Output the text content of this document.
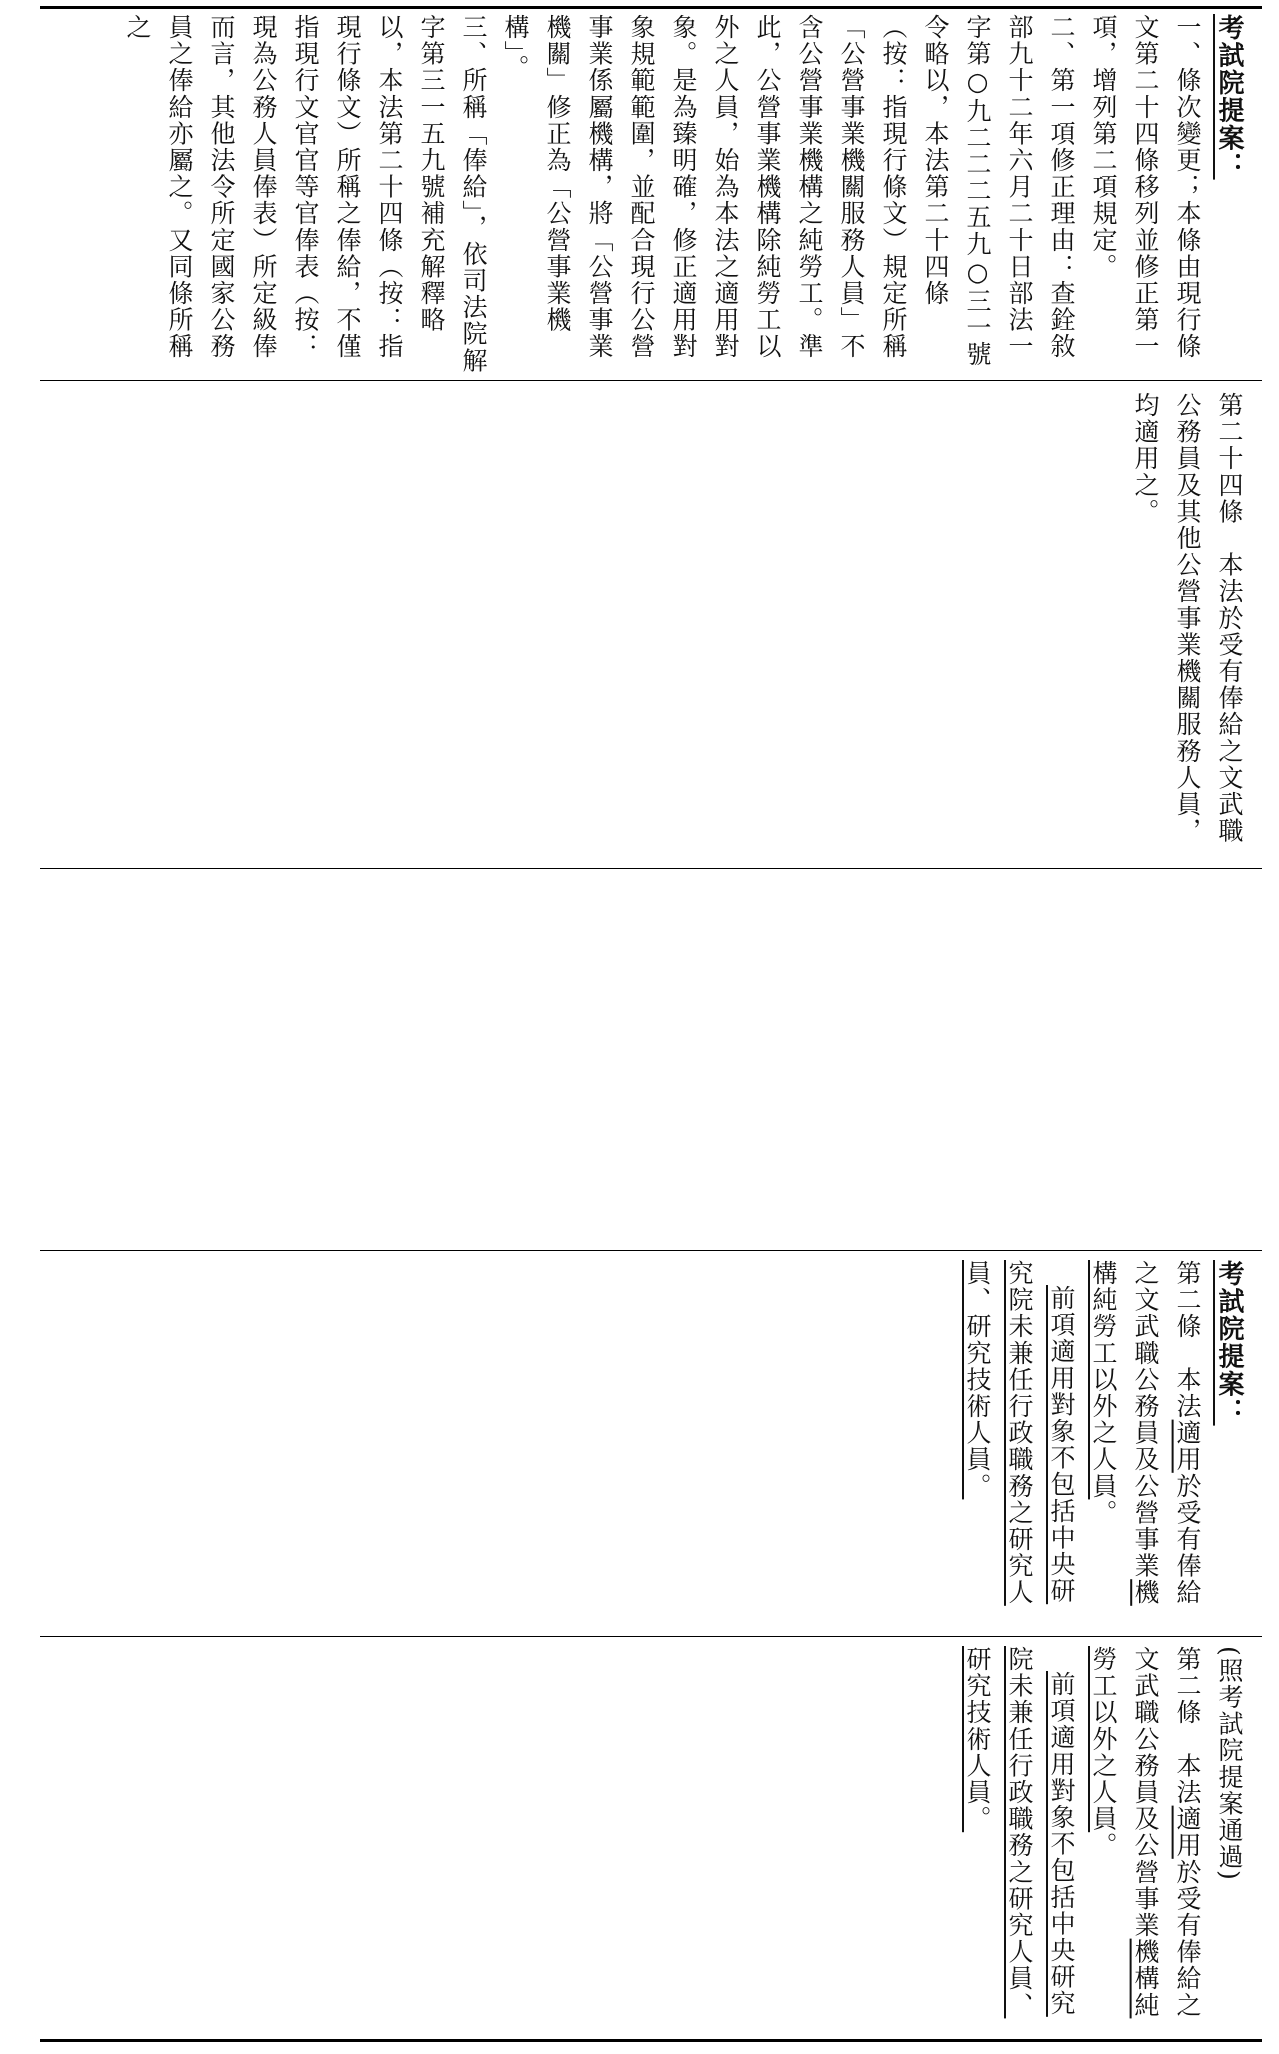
考試院提案：

一、條次變更；本條由現行條文第二十四條移列並修正第一項，增列第二項規定。

二、第一項修正理由：查銓敘部九十二年六月二十日部法一字第○九二二二五九○三一號令略以，本法第二十四條（按：指現行條文）規定所稱「公營事業機關服務人員」不含公營事業機構之純勞工。準此，公營事業機構除純勞工以外之人員，始為本法之適用對象。是為臻明確，修正適用對象規範範圍，並配合現行公營事業係屬機構，將「公營事業機關」修正為「公營事業機構」。

三、所稱「俸給」，依司法院解字第三一五九號補充解釋略以，本法第二十四條（按：指現行條文）所稱之俸給，不僅指現行文官官等官俸表（按：現為公務人員俸表）所定級俸而言，其他法令所定國家公務員之俸給亦屬之。又同條所稱之

第二十四條　本法於受有俸給之文武職公務員及其他公營事業機關服務人員，均適用之。

考試院提案：

第二條　本法適用於受有俸給之文武職公務員及公營事業機構純勞工以外之人員。

前項適用對象不包括中央研究院未兼任行政職務之研究人員、研究技術人員。

(照考試院提案通過)

第二條　本法適用於受有俸給之文武職公務員及公營事業機構純勞工以外之人員。

前項適用對象不包括中央研究院未兼任行政職務之研究人員、研究技術人員。
